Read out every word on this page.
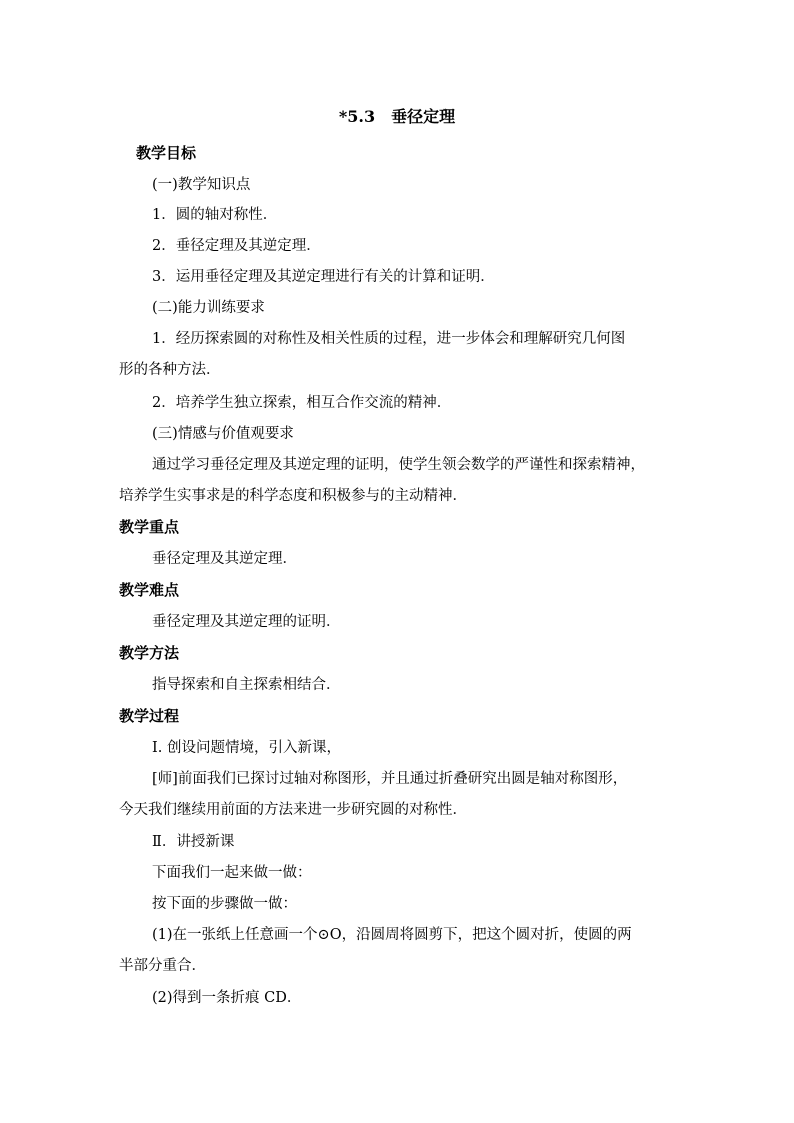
*5.3　垂径定理
教学目标
(一)教学知识点
1．圆的轴对称性．
2．垂径定理及其逆定理．
3．运用垂径定理及其逆定理进行有关的计算和证明．
(二)能力训练要求
1．经历探索圆的对称性及相关性质的过程，进一步体会和理解研究几何图
形的各种方法．
2．培养学生独立探索，相互合作交流的精神．
(三)情感与价值观要求
通过学习垂径定理及其逆定理的证明，使学生领会数学的严谨性和探索精神，
培养学生实事求是的科学态度和积极参与的主动精神．
教学重点
垂径定理及其逆定理．
教学难点
垂径定理及其逆定理的证明．
教学方法
指导探索和自主探索相结合．
教学过程
Ⅰ. 创设问题情境，引入新课，
[师]前面我们已探讨过轴对称图形，并且通过折叠研究出圆是轴对称图形，
今天我们继续用前面的方法来进一步研究圆的对称性．
Ⅱ．讲授新课
下面我们一起来做一做：
按下面的步骤做一做：
(1)在一张纸上任意画一个⊙O，沿圆周将圆剪下，把这个圆对折，使圆的两
半部分重合．
(2)得到一条折痕 CD．
